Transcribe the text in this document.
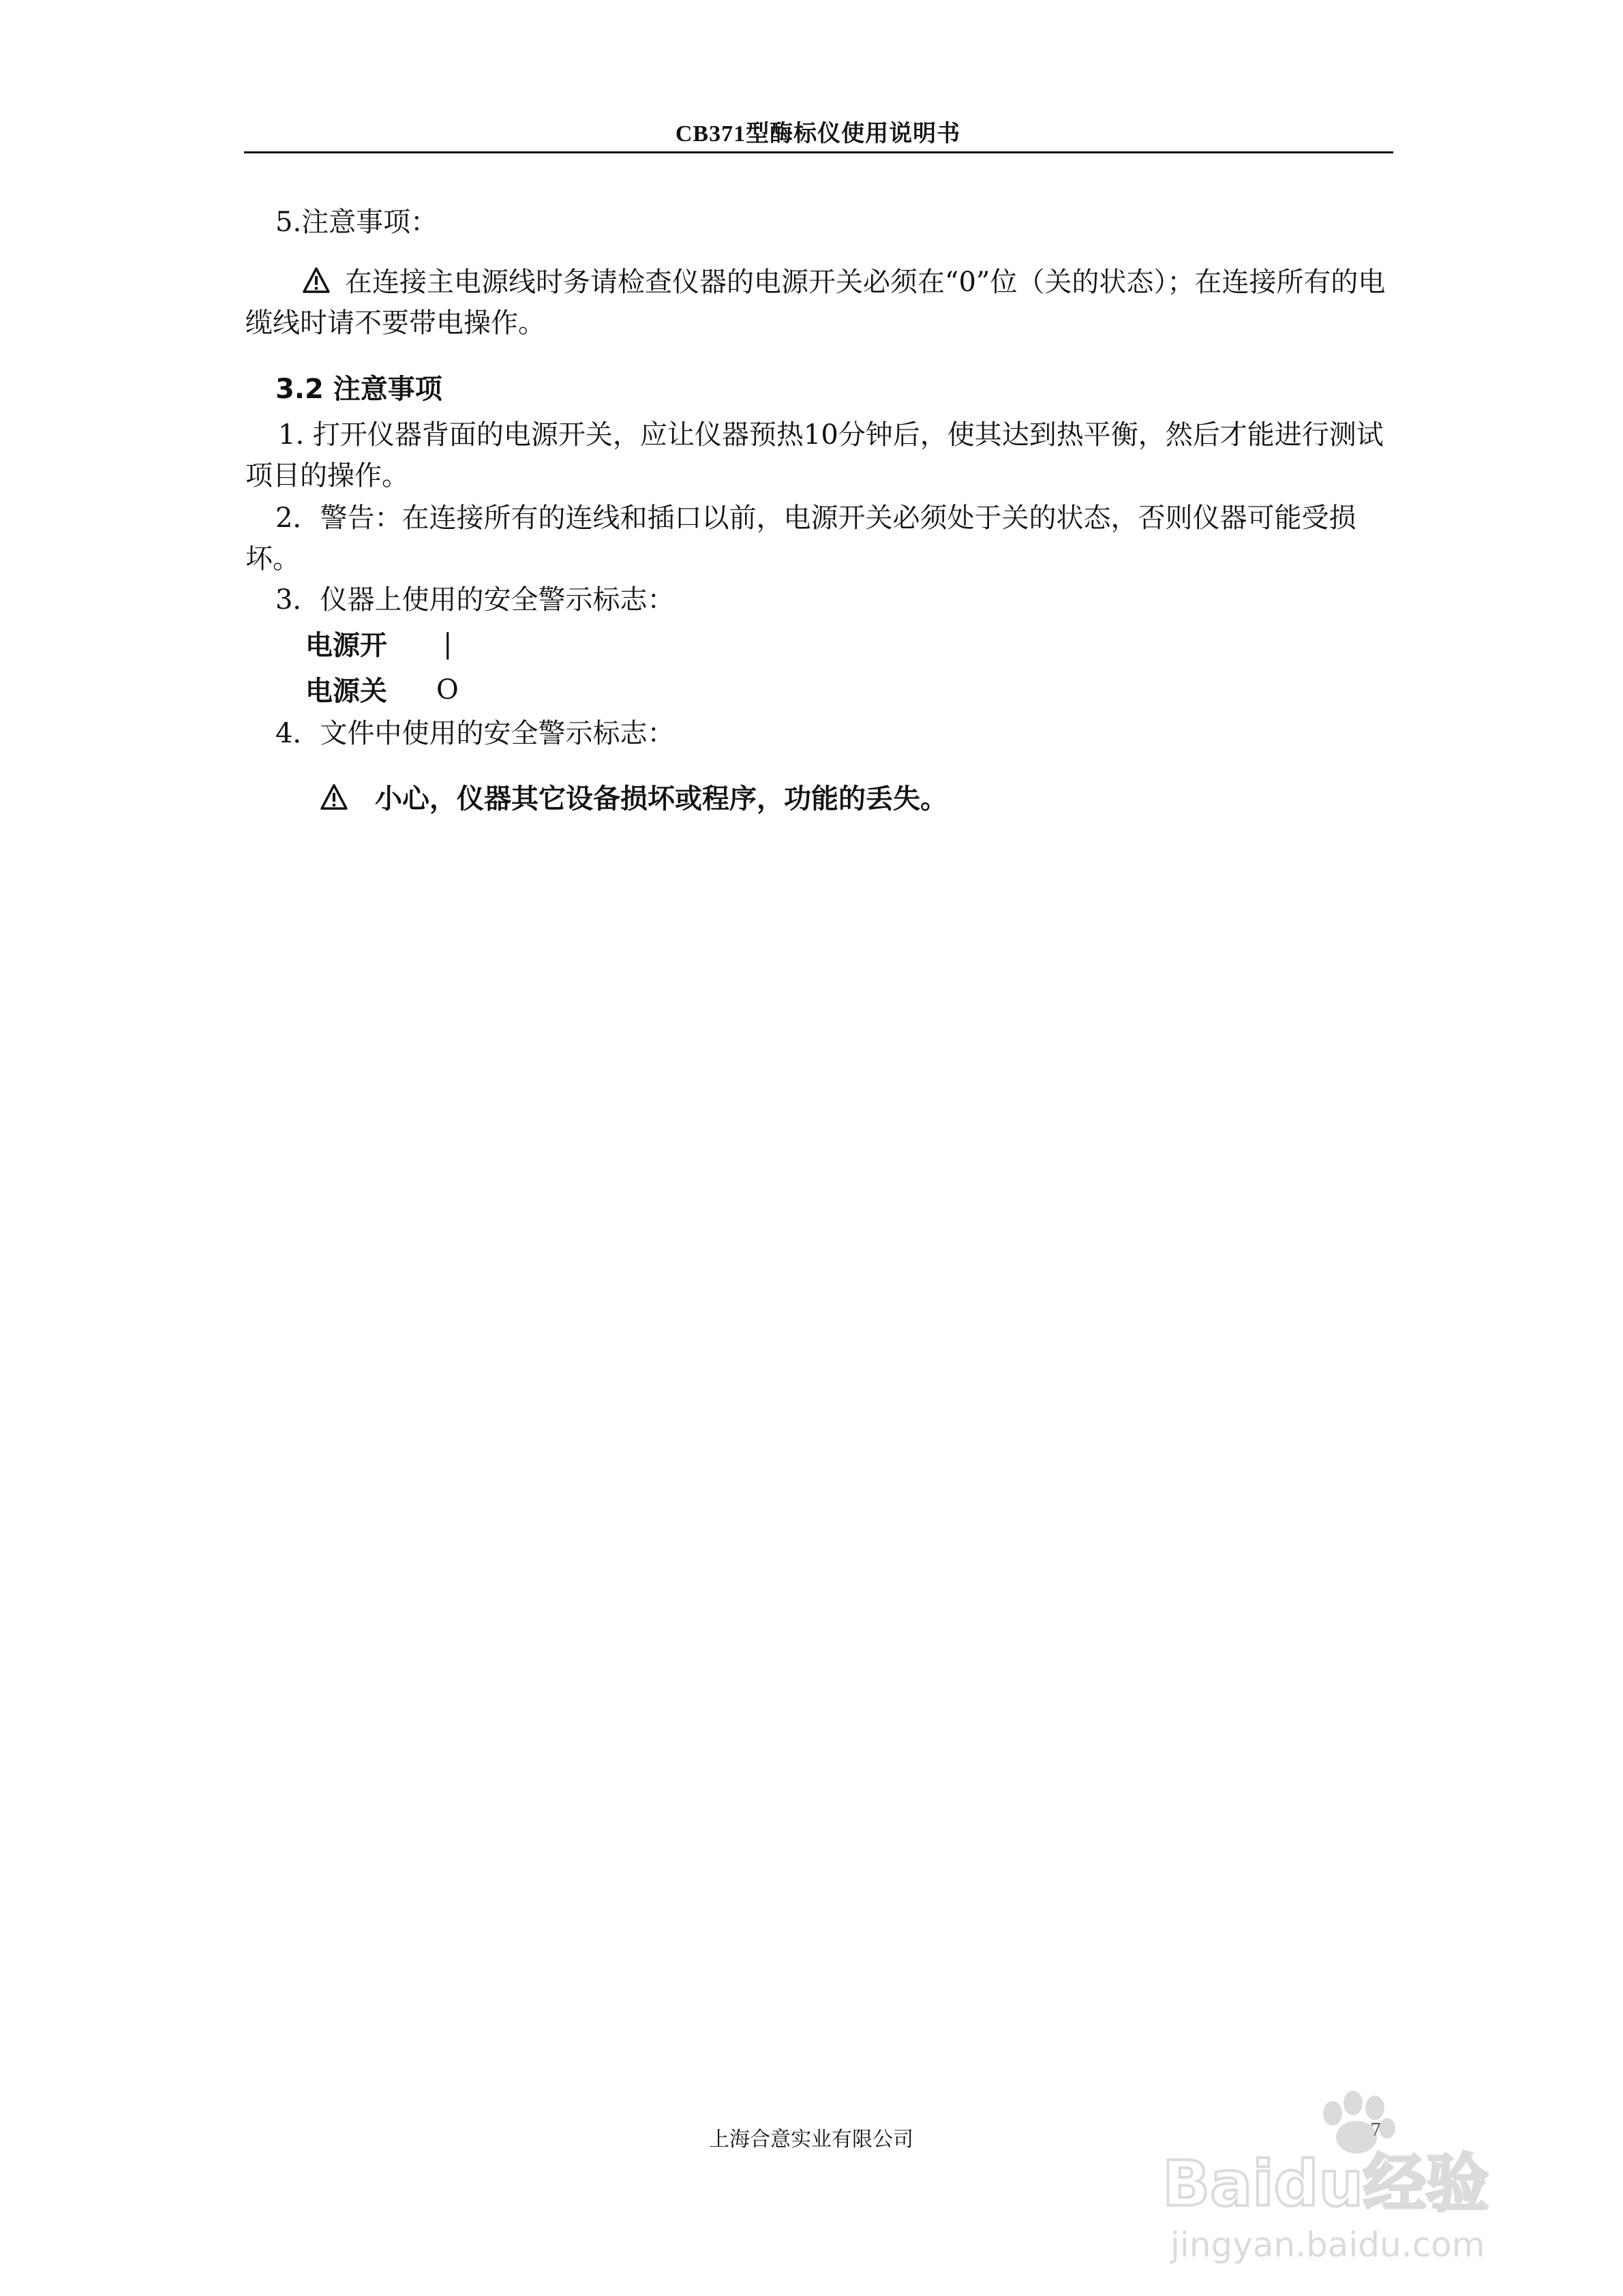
CB371型酶标仪使用说明书
5.注意事项：
在连接主电源线时务请检查仪器的电源开关必须在“0”位（关的状态）；在连接所有的电缆线时请不要带电操作。
3.2 注意事项
1. 打开仪器背面的电源开关，应让仪器预热10分钟后，使其达到热平衡，然后才能进行测试项目的操作。
2．警告：在连接所有的连线和插口以前，电源开关必须处于关的状态，否则仪器可能受损坏。
3．仪器上使用的安全警示标志：
电源开 |
电源关 O
4．文件中使用的安全警示标志：
小心，仪器其它设备损坏或程序，功能的丢失。
上海合意实业有限公司	7
Baidu经验
jingyan.baidu.com
